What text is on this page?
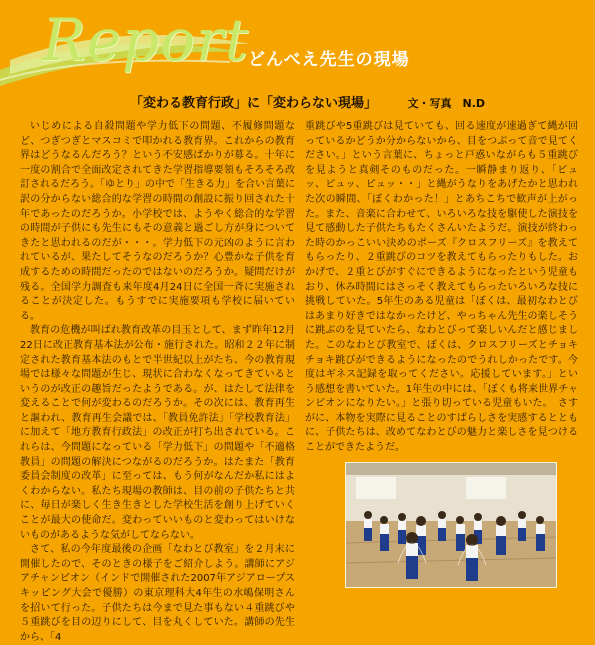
Report
どんべえ先生の現場
「変わる教育行政」に「変わらない現場」	文・写真　N.D

いじめによる自殺問題や学力低下の問題、不履修問題など、つぎつぎとマスコミで叩かれる教育界。これからの教育界はどうなるんだろう？という不安感ばかりが募る。十年に一度の割合で全面改定されてきた学習指導要領もそろそろ改訂されるだろう。「ゆとり」の中で「生きる力」を合い言葉に訳の分からない総合的な学習の時間の創設に振り回された十年であったのだろうか。小学校では、ようやく総合的な学習の時間が子供にも先生にもその意義と過ごし方が身についてきたと思われるのだが・・・。学力低下の元凶のように言われているが、果たしてそうなのだろうか？心豊かな子供を育成するための時間だったのではないのだろうか。疑問だけが残る。全国学力調査も来年度4月24日に全国一斉に実施されることが決定した。もうすでに実施要項も学校に届いている。

教育の危機が叫ばれ教育改革の目玉として、まず昨年12月22日に改正教育基本法が公布・施行された。昭和２２年に制定された教育基本法のもとで半世紀以上がたち、今の教育現場では様々な問題が生じ、現状に合わなくなってきているというのが改正の趣旨だったようである。が、はたして法律を変えることで何が変わるのだろうか。その次には、教育再生と謳われ、教育再生会議では、「教員免許法」「学校教育法」に加えて「地方教育行政法」の改正が打ち出されている。これらは、今問題になっている「学力低下」の問題や「不適格教員」の問題の解決につながるのだろうか。はたまた「教育委員会制度の改革」に至っては、もう何がなんだか私にはよくわからない。私たち現場の教師は、目の前の子供たちと共に、毎日が楽しく生き生きとした学校生活を創り上げていくことが最大の使命だ。変わっていいものと変わってはいけないものがあるような気がしてならない。

さて、私の今年度最後の企画「なわとび教室」を２月末に開催したので、そのときの様子をご紹介しよう。講師にアジアチャンピオン（インドで開催された2007年アジアロープスキッピング大会で優勝）の東京理科大4年生の水嶋保明さんを招いて行った。子供たちは今まで見た事もない４重跳びや５重跳びを目の辺りにして、目を丸くしていた。講師の先生から、「4

重跳びや5重跳びは見ていても、回る速度が速過ぎて縄が回っているかどうか分からないから、目をつぶって音で見てください。」という言葉に、ちょっと戸惑いながらも５重跳びを見ようと真剣そのものだった。一瞬静まり返り、「ピュッ、ピュッ、ピュッ・・」と縄がうなりをあげたかと思われた次の瞬間、「ぼくわかった！」とあちこちで歓声が上がった。また、音楽に合わせて、いろいろな技を駆使した演技を見て感動した子供たちもたくさんいたようだ。演技が終わった時のかっこいい決めのポーズ『クロスフリーズ』を教えてもらったり、２重跳びのコツを教えてもらったりもした。おかげで、２重とびがすぐにできるようになったという児童もおり、休み時間にはさっそく教えてもらったいろいろな技に挑戦していた。5年生のある児童は「ぼくは、最初なわとびはあまり好きではなかったけど、やっちゃん先生の楽しそうに跳ぶのを見ていたら、なわとびって楽しいんだと感じました。このなわとび教室で、ぼくは、クロスフリーズとチョキチョキ跳びができるようになったのでうれしかったです。今度はギネス記録を取ってください。応援しています。」という感想を書いていた。1年生の中には、「ぼくも将来世界チャンピオンになりたい。」と張り切っている児童もいた。　さすがに、本物を実際に見ることのすばらしさを実感するとともに、子供たちは、改めてなわとびの魅力と楽しさを見つけることができたようだ。
